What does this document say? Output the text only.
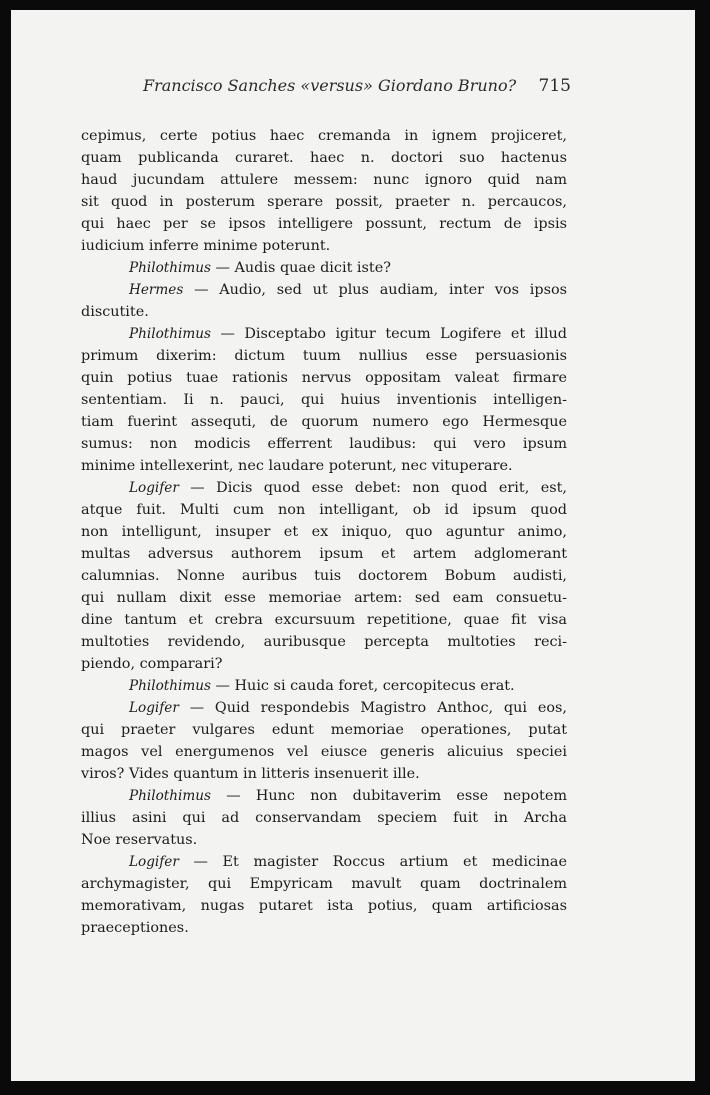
Francisco Sanches «versus» Giordano Bruno? 715

cepimus, certe potius haec cremanda in ignem projiceret,

quam publicanda curaret. haec n. doctori suo hactenus

haud jucundam attulere messem: nunc ignoro quid nam

sit quod in posterum sperare possit, praeter n. percaucos,

qui haec per se ipsos intelligere possunt, rectum de ipsis

iudicium inferre minime poterunt.

Philothimus — Audis quae dicit iste?

Hermes — Audio, sed ut plus audiam, inter vos ipsos

discutite.

Philothimus — Disceptabo igitur tecum Logifere et illud

primum dixerim: dictum tuum nullius esse persuasionis

quin potius tuae rationis nervus oppositam valeat firmare

sententiam. Ii n. pauci, qui huius inventionis intelligen-

tiam fuerint assequti, de quorum numero ego Hermesque

sumus: non modicis efferrent laudibus: qui vero ipsum

minime intellexerint, nec laudare poterunt, nec vituperare.

Logifer — Dicis quod esse debet: non quod erit, est,

atque fuit. Multi cum non intelligant, ob id ipsum quod

non intelligunt, insuper et ex iniquo, quo aguntur animo,

multas adversus authorem ipsum et artem adglomerant

calumnias. Nonne auribus tuis doctorem Bobum audisti,

qui nullam dixit esse memoriae artem: sed eam consuetu-

dine tantum et crebra excursuum repetitione, quae fit visa

multoties revidendo, auribusque percepta multoties reci-

piendo, comparari?

Philothimus — Huic si cauda foret, cercopitecus erat.

Logifer — Quid respondebis Magistro Anthoc, qui eos,

qui praeter vulgares edunt memoriae operationes, putat

magos vel energumenos vel eiusce generis alicuius speciei

viros? Vides quantum in litteris insenuerit ille.

Philothimus — Hunc non dubitaverim esse nepotem

illius asini qui ad conservandam speciem fuit in Archa

Noe reservatus.

Logifer — Et magister Roccus artium et medicinae

archymagister, qui Empyricam mavult quam doctrinalem

memorativam, nugas putaret ista potius, quam artificiosas

praeceptiones.
